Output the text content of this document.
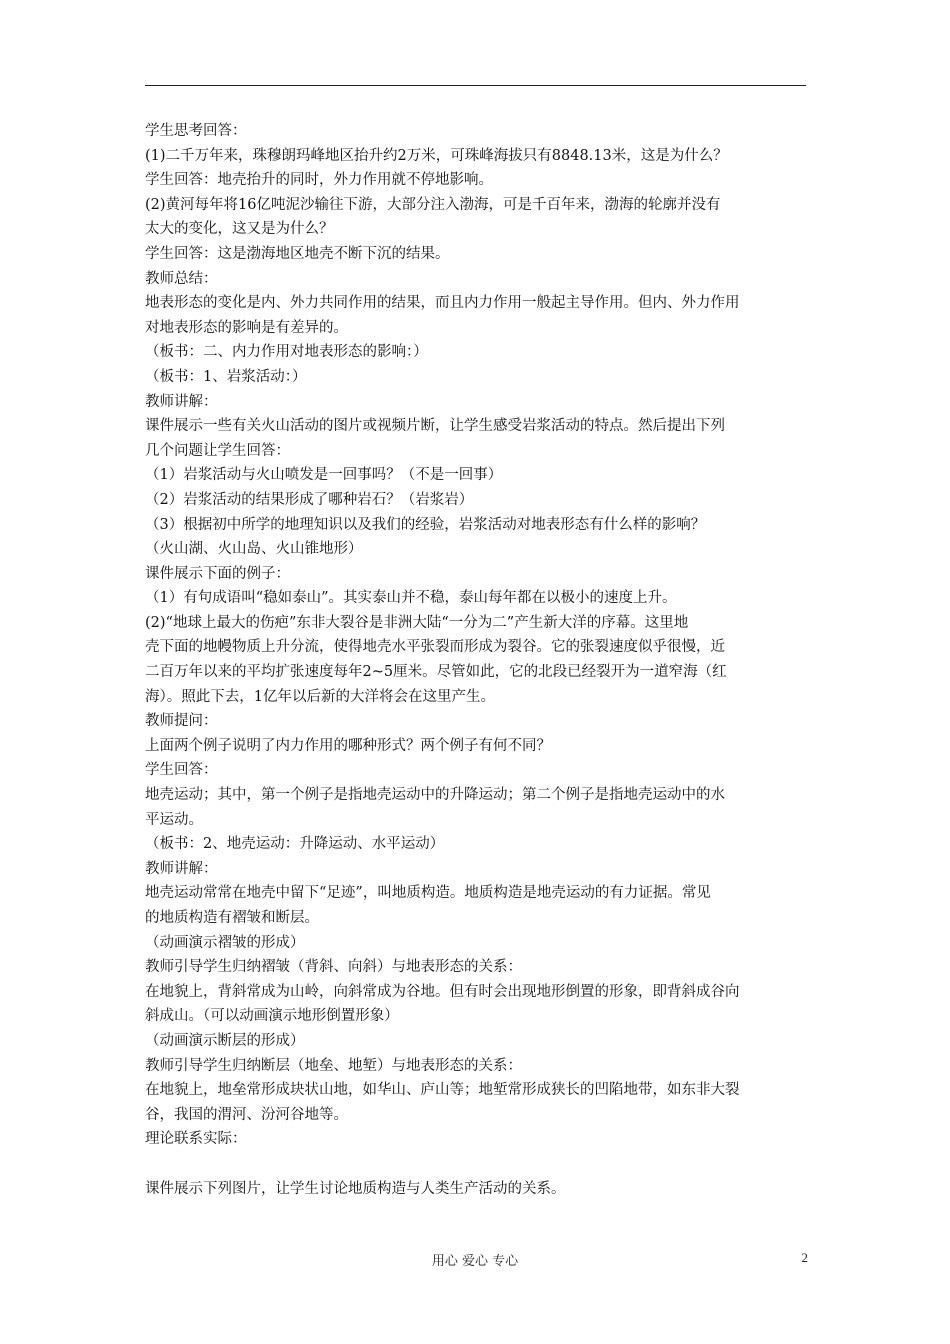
学生思考回答：
(1)二千万年来，珠穆朗玛峰地区抬升约2万米，可珠峰海拔只有8848.13米，这是为什么？
学生回答：地壳抬升的同时，外力作用就不停地影响。
(2)黄河每年将16亿吨泥沙输往下游，大部分注入渤海，可是千百年来，渤海的轮廓并没有
太大的变化，这又是为什么？
学生回答：这是渤海地区地壳不断下沉的结果。
教师总结：
地表形态的变化是内、外力共同作用的结果，而且内力作用一般起主导作用。但内、外力作用
对地表形态的影响是有差异的。
（板书：二、内力作用对地表形态的影响：）
（板书：1、岩浆活动：）
教师讲解：
课件展示一些有关火山活动的图片或视频片断，让学生感受岩浆活动的特点。然后提出下列
几个问题让学生回答：
（1）岩浆活动与火山喷发是一回事吗？（不是一回事）
（2）岩浆活动的结果形成了哪种岩石？（岩浆岩）
（3）根据初中所学的地理知识以及我们的经验，岩浆活动对地表形态有什么样的影响？
（火山湖、火山岛、火山锥地形）
课件展示下面的例子：
（1）有句成语叫“稳如泰山”。其实泰山并不稳，泰山每年都在以极小的速度上升。
(2)“地球上最大的伤疤”东非大裂谷是非洲大陆“一分为二”产生新大洋的序幕。这里地
壳下面的地幔物质上升分流，使得地壳水平张裂而形成为裂谷。它的张裂速度似乎很慢，近
二百万年以来的平均扩张速度每年2~5厘米。尽管如此，它的北段已经裂开为一道窄海（红
海）。照此下去，1亿年以后新的大洋将会在这里产生。
教师提问：
上面两个例子说明了内力作用的哪种形式？两个例子有何不同？
学生回答：
地壳运动；其中，第一个例子是指地壳运动中的升降运动；第二个例子是指地壳运动中的水
平运动。
（板书：2、地壳运动：升降运动、水平运动）
教师讲解：
地壳运动常常在地壳中留下“足迹”，叫地质构造。地质构造是地壳运动的有力证据。常见
的地质构造有褶皱和断层。
（动画演示褶皱的形成）
教师引导学生归纳褶皱（背斜、向斜）与地表形态的关系：
在地貌上，背斜常成为山岭，向斜常成为谷地。但有时会出现地形倒置的形象，即背斜成谷向
斜成山。（可以动画演示地形倒置形象）
（动画演示断层的形成）
教师引导学生归纳断层（地垒、地堑）与地表形态的关系：
在地貌上，地垒常形成块状山地，如华山、庐山等；地堑常形成狭长的凹陷地带，如东非大裂
谷，我国的渭河、汾河谷地等。
理论联系实际：
课件展示下列图片，让学生讨论地质构造与人类生产活动的关系。
用心 爱心 专心	2
